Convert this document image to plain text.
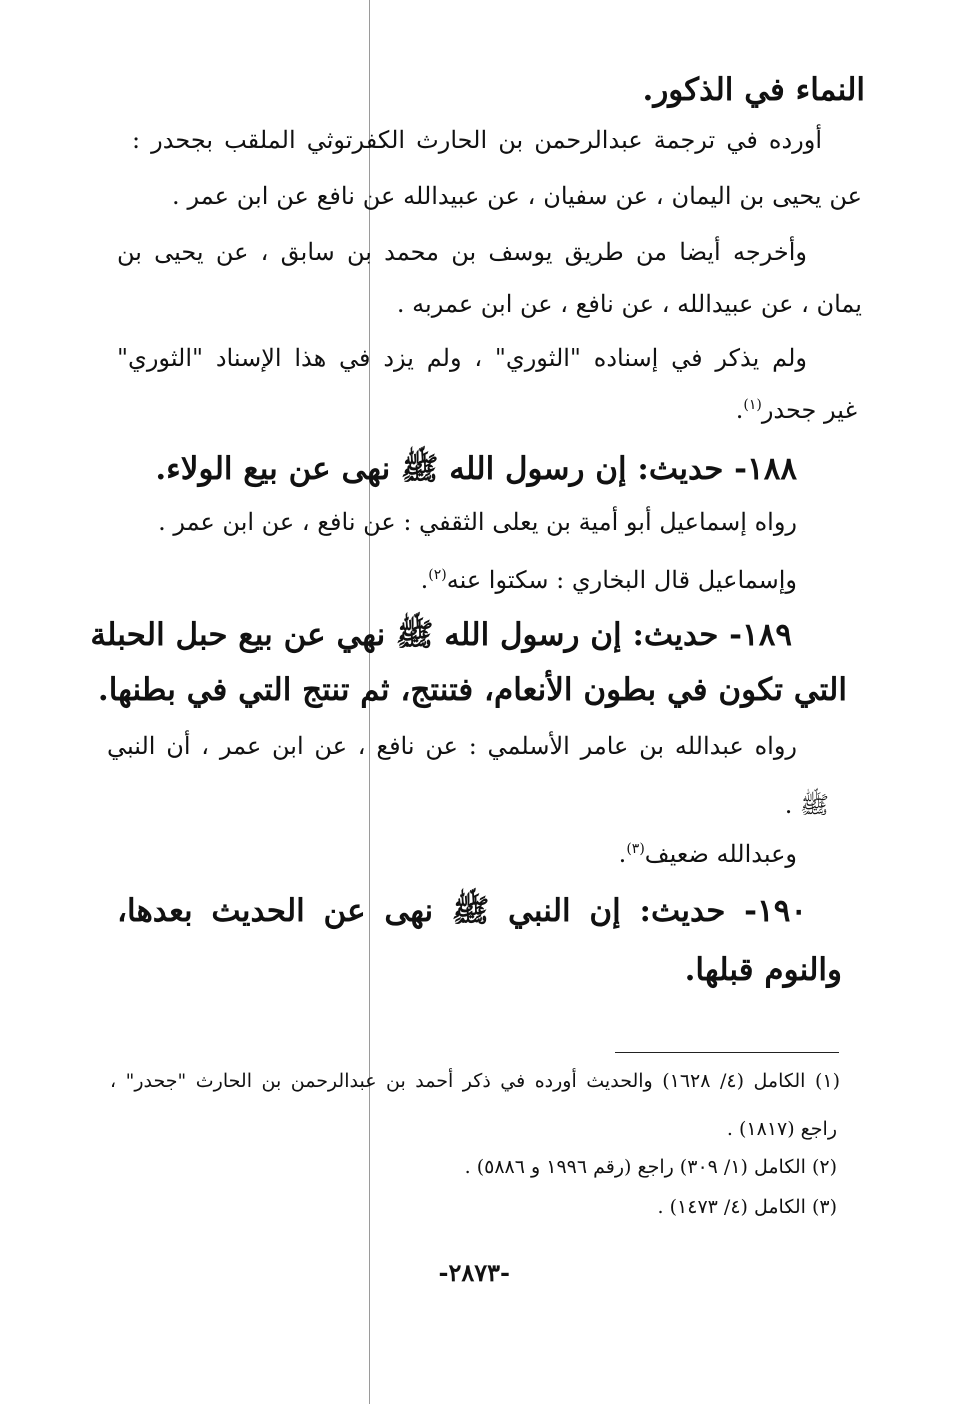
النماء في الذكور.
أورده في ترجمة عبدالرحمن بن الحارث الكفرتوثي الملقب بجحدر :
عن يحيى بن اليمان ، عن سفيان ، عن عبيدالله عن نافع عن ابن عمر .
وأخرجه أيضا من طريق يوسف بن محمد بن سابق ، عن يحيى بن
يمان ، عن عبيدالله ، عن نافع ، عن ابن عمربه .
ولم يذكر في إسناده "الثوري" ، ولم يزد في هذا الإسناد "الثوري"
غير جحدر$^{(١)}$.
١٨٨- حديث: إن رسول الله ﷺ نهى عن بيع الولاء.
رواه إسماعيل أبو أمية بن يعلى الثقفي : عن نافع ، عن ابن عمر .
وإسماعيل قال البخاري : سكتوا عنه$^{(٢)}$.
١٨٩- حديث: إن رسول الله ﷺ نهي عن بيع حبل الحبلة
التي تكون في بطون الأنعام، فتنتج، ثم تنتج التي في بطنها.
رواه عبدالله بن عامر الأسلمي : عن نافع ، عن ابن عمر ، أن النبي
ﷺ .
وعبدالله ضعيف$^{(٣)}$.
١٩٠- حديث: إن النبي ﷺ نهى عن الحديث بعدها،
والنوم قبلها.
(١) الكامل (٤/ ١٦٢٨) والحديث أورده في ذكر أحمد بن عبدالرحمن بن الحارث "جحدر" ،
راجع (١٨١٧) .
(٢) الكامل (١/ ٣٠٩) راجع (رقم ١٩٩٦ و ٥٨٨٦) .
(٣) الكامل (٤/ ١٤٧٣) .
-٢٨٧٣-
